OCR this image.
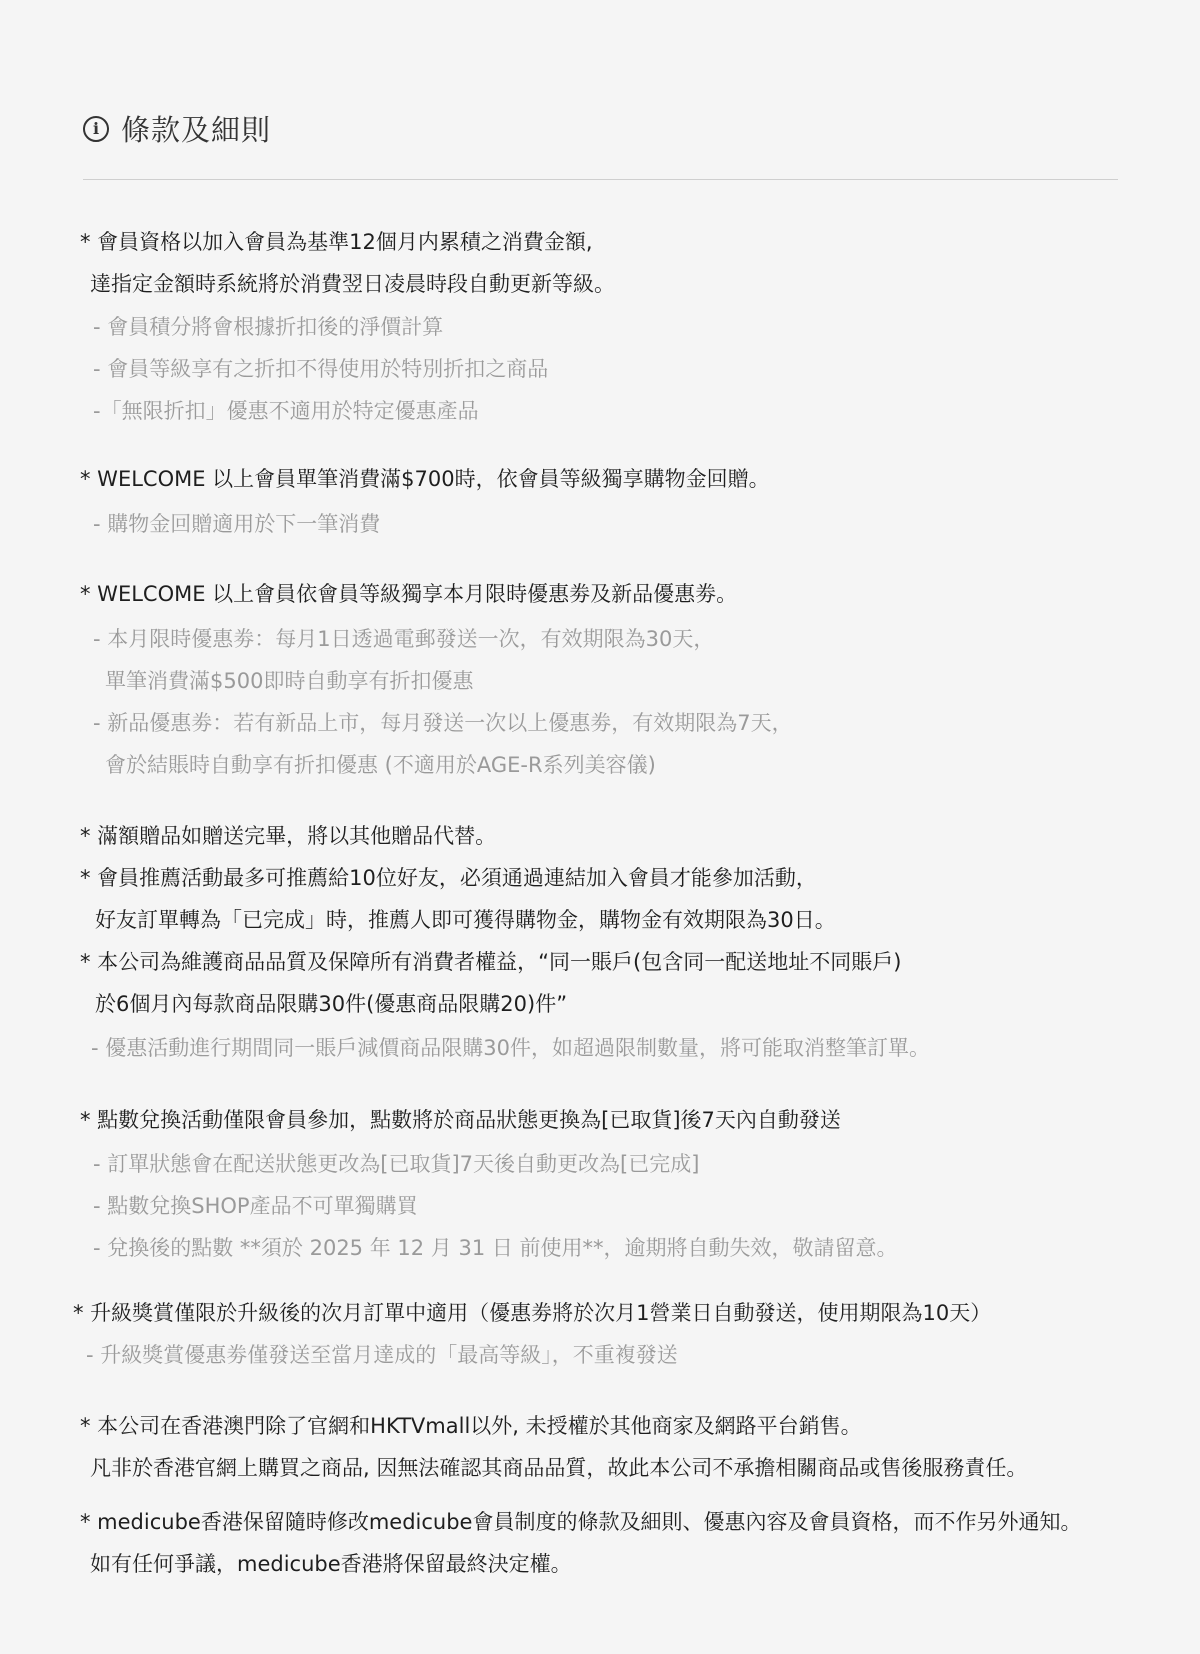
i 條款及細則
* 會員資格以加入會員為基準12個月内累積之消費金額,
達指定金額時系統將於消費翌日凌晨時段自動更新等級。
- 會員積分將會根據折扣後的淨價計算
- 會員等級享有之折扣不得使用於特別折扣之商品
-「無限折扣」優惠不適用於特定優惠產品
* WELCOME 以上會員單筆消費滿$700時，依會員等級獨享購物金回贈。
- 購物金回贈適用於下一筆消費
* WELCOME 以上會員依會員等級獨享本月限時優惠劵及新品優惠劵。
- 本月限時優惠劵：每月1日透過電郵發送一次，有效期限為30天，
單筆消費滿$500即時自動享有折扣優惠
- 新品優惠劵：若有新品上市，每月發送一次以上優惠劵，有效期限為7天，
會於結賬時自動享有折扣優惠 (不適用於AGE-R系列美容儀)
* 滿額贈品如贈送完畢，將以其他贈品代替。
* 會員推薦活動最多可推薦給10位好友，必須通過連結加入會員才能參加活動，
好友訂單轉為「已完成」時，推薦人即可獲得購物金，購物金有效期限為30日。
* 本公司為維護商品品質及保障所有消費者權益，“同一賬戶(包含同一配送地址不同賬戶)
於6個月內每款商品限購30件(優惠商品限購20)件”
- 優惠活動進行期間同一賬戶減價商品限購30件，如超過限制數量，將可能取消整筆訂單。
* 點數兌換活動僅限會員參加，點數將於商品狀態更換為[已取貨]後7天內自動發送
- 訂單狀態會在配送狀態更改為[已取貨]7天後自動更改為[已完成]
- 點數兌換SHOP產品不可單獨購買
- 兌換後的點數 **須於 2025 年 12 月 31 日 前使用**，逾期將自動失效，敬請留意。
* 升級獎賞僅限於升級後的次月訂單中適用（優惠劵將於次月1營業日自動發送，使用期限為10天）
- 升級獎賞優惠劵僅發送至當月達成的「最高等級」，不重複發送
* 本公司在香港澳門除了官網和HKTVmall以外, 未授權於其他商家及網路平台銷售。
凡非於香港官網上購買之商品, 因無法確認其商品品質，故此本公司不承擔相關商品或售後服務責任。
* medicube香港保留隨時修改medicube會員制度的條款及細則、優惠內容及會員資格，而不作另外通知。
如有任何爭議，medicube香港將保留最終決定權。
